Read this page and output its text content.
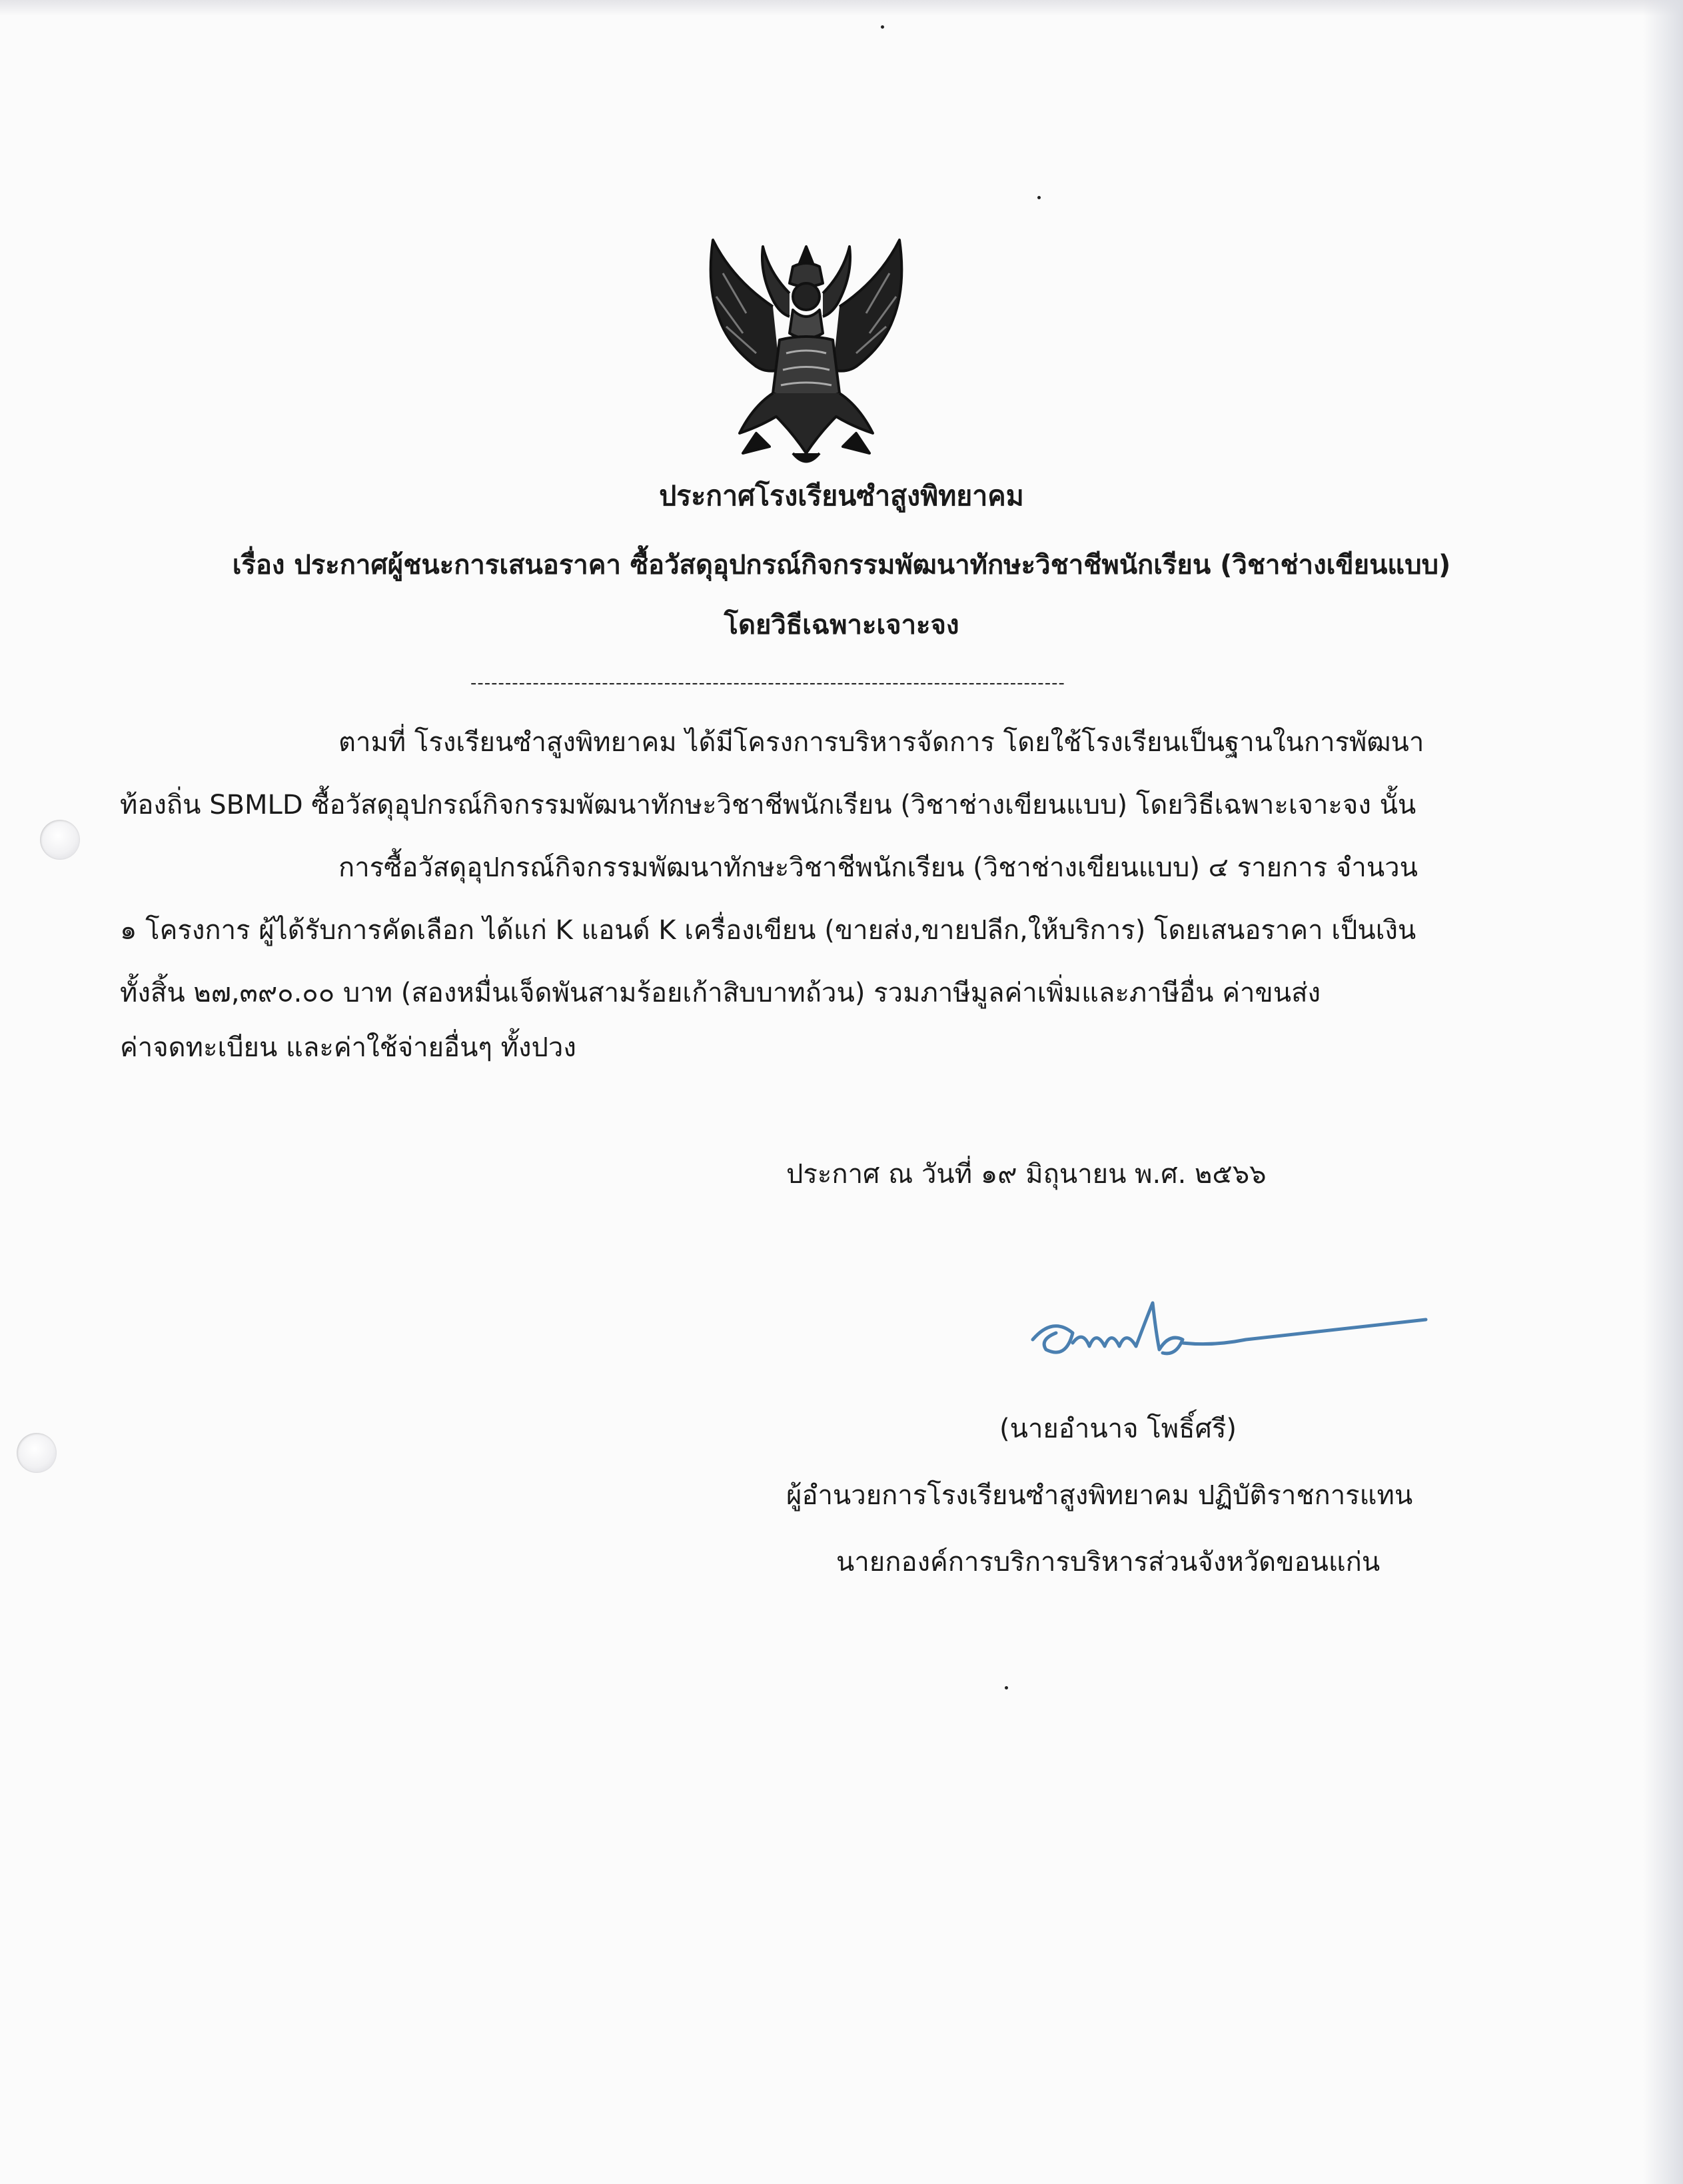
ประกาศโรงเรียนซำสูงพิทยาคม
เรื่อง ประกาศผู้ชนะการเสนอราคา ซื้อวัสดุอุปกรณ์กิจกรรมพัฒนาทักษะวิชาชีพนักเรียน (วิชาช่างเขียนแบบ)
โดยวิธีเฉพาะเจาะจง
--------------------------------------------------------------------------------------
ตามที่ โรงเรียนซำสูงพิทยาคม ได้มีโครงการบริหารจัดการ โดยใช้โรงเรียนเป็นฐานในการพัฒนา
ท้องถิ่น SBMLD ซื้อวัสดุอุปกรณ์กิจกรรมพัฒนาทักษะวิชาชีพนักเรียน (วิชาช่างเขียนแบบ) โดยวิธีเฉพาะเจาะจง นั้น
การซื้อวัสดุอุปกรณ์กิจกรรมพัฒนาทักษะวิชาชีพนักเรียน (วิชาช่างเขียนแบบ) ๔ รายการ จำนวน
๑ โครงการ ผู้ได้รับการคัดเลือก ได้แก่ K แอนด์ K เครื่องเขียน (ขายส่ง,ขายปลีก,ให้บริการ) โดยเสนอราคา เป็นเงิน
ทั้งสิ้น ๒๗,๓๙๐.๐๐ บาท (สองหมื่นเจ็ดพันสามร้อยเก้าสิบบาทถ้วน) รวมภาษีมูลค่าเพิ่มและภาษีอื่น ค่าขนส่ง
ค่าจดทะเบียน และค่าใช้จ่ายอื่นๆ ทั้งปวง
ประกาศ ณ วันที่ ๑๙ มิถุนายน พ.ศ. ๒๕๖๖
(นายอำนาจ โพธิ์ศรี)
ผู้อำนวยการโรงเรียนซำสูงพิทยาคม ปฏิบัติราชการแทน
นายกองค์การบริการบริหารส่วนจังหวัดขอนแก่น
